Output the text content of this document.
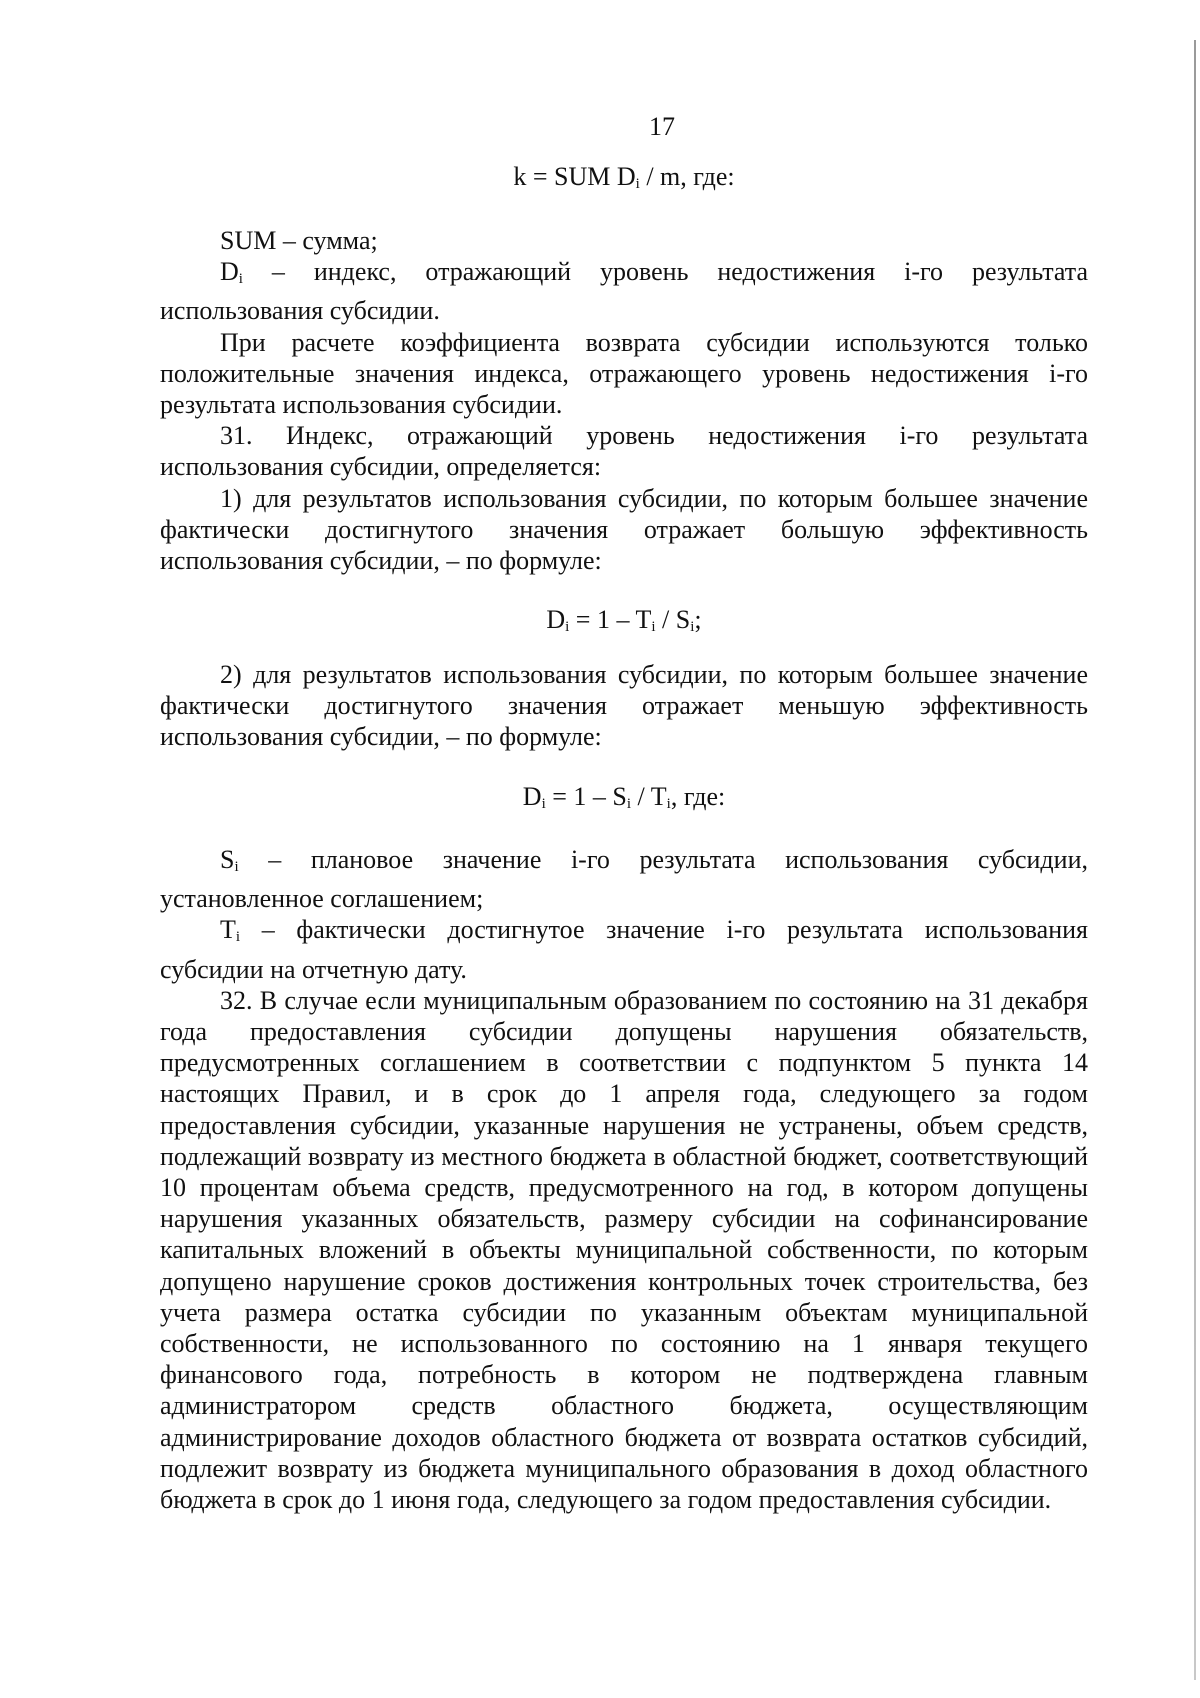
17
k = SUM $D_i$ / m, где:

SUM – сумма;

$D_i$ – индекс, отражающий уровень недостижения i-го результата использования субсидии.

При расчете коэффициента возврата субсидии используются только положительные значения индекса, отражающего уровень недостижения i-го результата использования субсидии.

31. Индекс, отражающий уровень недостижения i-го результата использования субсидии, определяется:

1) для результатов использования субсидии, по которым большее значение фактически достигнутого значения отражает большую эффективность использования субсидии, – по формуле:

$D_i = 1 - T_i / S_i$;

2) для результатов использования субсидии, по которым большее значение фактически достигнутого значения отражает меньшую эффективность использования субсидии, – по формуле:

$D_i = 1 - S_i / T_i$, где:

$S_i$ – плановое значение i-го результата использования субсидии, установленное соглашением;

$T_i$ – фактически достигнутое значение i-го результата использования субсидии на отчетную дату.

32. В случае если муниципальным образованием по состоянию на 31 декабря года предоставления субсидии допущены нарушения обязательств, предусмотренных соглашением в соответствии с подпунктом 5 пункта 14 настоящих Правил, и в срок до 1 апреля года, следующего за годом предоставления субсидии, указанные нарушения не устранены, объем средств, подлежащий возврату из местного бюджета в областной бюджет, соответствующий 10 процентам объема средств, предусмотренного на год, в котором допущены нарушения указанных обязательств, размеру субсидии на софинансирование капитальных вложений в объекты муниципальной собственности, по которым допущено нарушение сроков достижения контрольных точек строительства, без учета размера остатка субсидии по указанным объектам муниципальной собственности, не использованного по состоянию на 1 января текущего финансового года, потребность в котором не подтверждена главным администратором средств областного бюджета, осуществляющим администрирование доходов областного бюджета от возврата остатков субсидий, подлежит возврату из бюджета муниципального образования в доход областного бюджета в срок до 1 июня года, следующего за годом предоставления субсидии.
